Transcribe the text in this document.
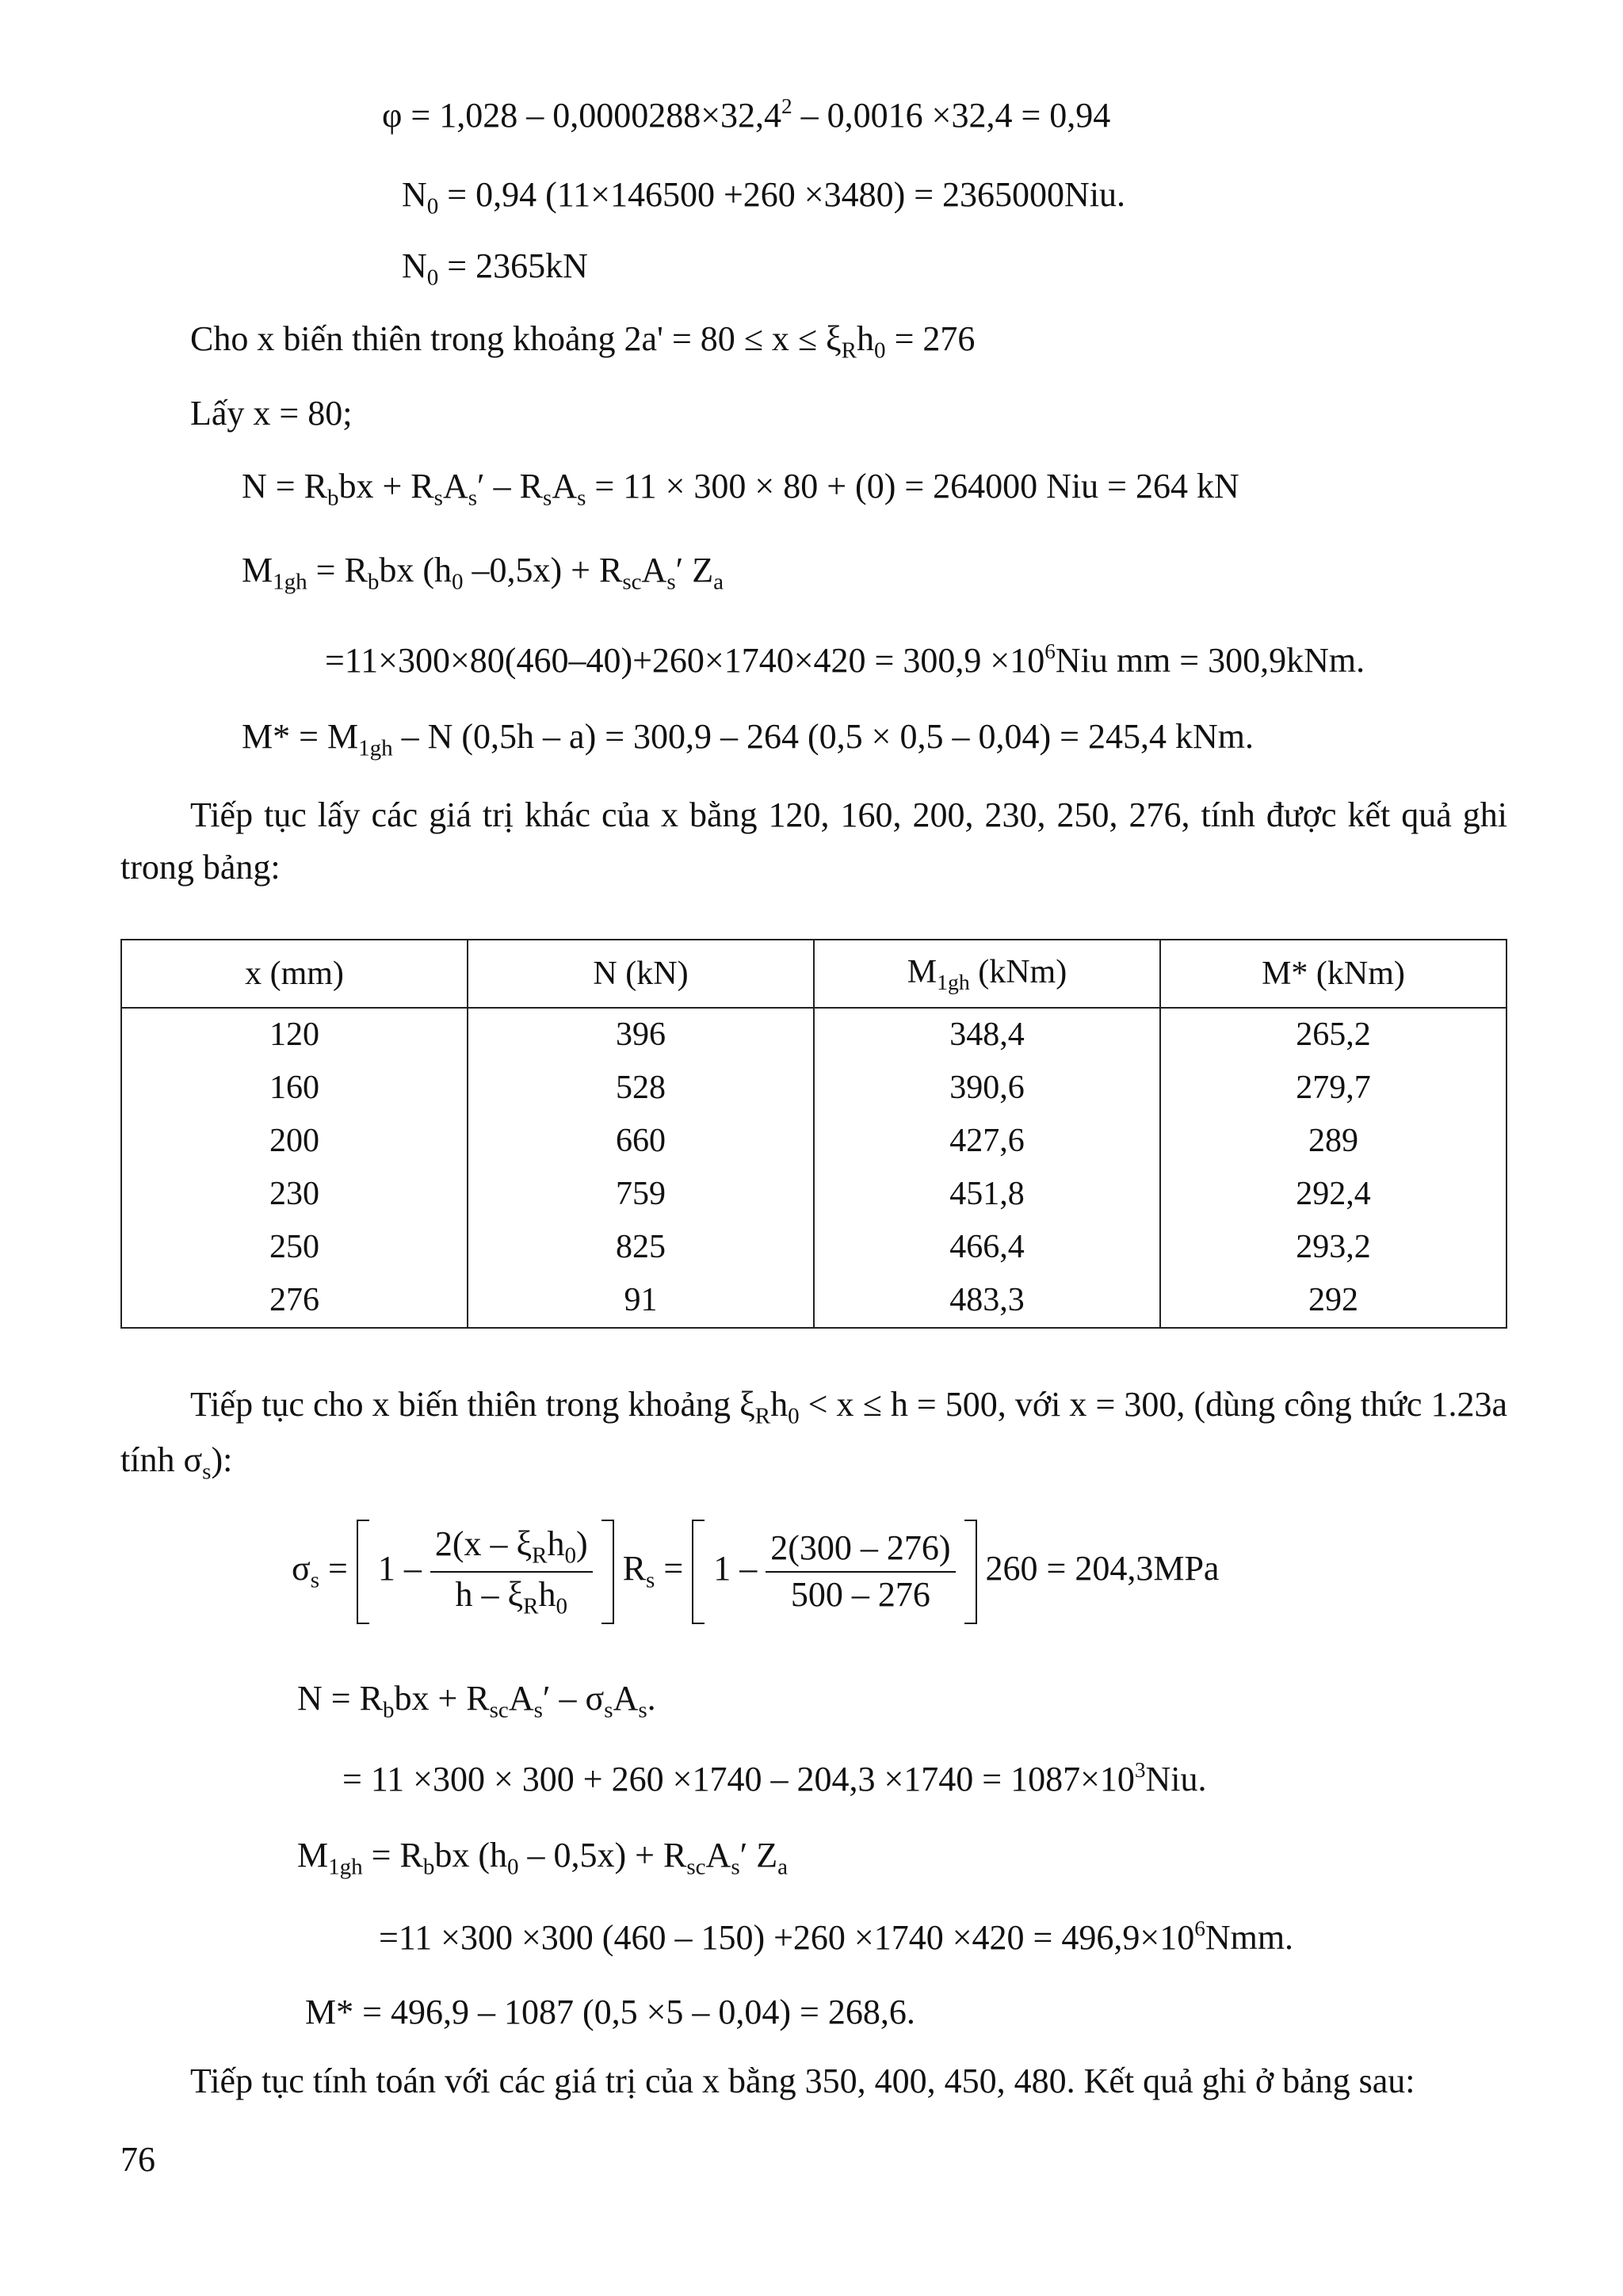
$\varphi = 1,028 - 0,0000288\times 32,4^2 - 0,0016 \times 32,4 = 0,94$
$N_0 = 0,94$ (11×146500 +260 ×3480) = 2365000Niu.
$N_0 = 2365kN$
Cho x biến thiên trong khoảng $2a' = 80 \le x \le \xi_Rh_0 = 276$
Lấy x = 80;
$N = R_bbx + R_sA_s' - R_sA_s = 11 \times 300 \times 80 + (0) = 264000$ Niu = 264 kN
$M_{1gh} = R_bbx$ ($h_0$ $-0,5x) + R_{sc}A_s'$ $Z_a$
$=11\times 300\times 80(460-40)+260\times 1740\times 420 = 300,9 \times 10^6Niu$ mm = 300,9kNm.
$M* = M_{1gh} - N$ (0,5h – a) = 300,9 – 264 (0,5 × 0,5 – 0,04) = 245,4 kNm.
Tiếp tục lấy các giá trị khác của x bằng 120, 160, 200, 230, 250, 276, tính được kết quả ghi trong bảng:
x (mm)	N (kN)	$M_{1gh}$ (kNm)	M* (kNm)
120	396	348,4	265,2
160	528	390,6	279,7
200	660	427,6	289
230	759	451,8	292,4
250	825	466,4	293,2
276	91	483,3	292
Tiếp tục cho x biến thiên trong khoảng $\xi_Rh_0 < x \le h = 500$, với x = 300, (dùng công thức 1.23a tính $\sigma_s$):
$\sigma_s = 1 - \frac{2(x - \xi_Rh_0)}{h - \xi_Rh_0} R_s = 1 - \frac{2(300 - 276)}{500 - 276} 260 = 204,3MPa$
$N = R_bbx + R_{sc}A_s' - \sigma_sA_s$.
= $11 \times 300 \times 300 + 260 \times 1740 - 204,3 \times 1740 = 1087\times 10^3Niu$.
$M_{1gh} = R_bbx$ $(h_0 - 0,5x) + R_{sc}A_s'$ $Z_a$
=11 ×300 ×300 $(460 - 150) +260 \times 1740 \times 420 = 496,9\times 10^6Nmm$.
M* = 496,9 – 1087 (0,5 ×5 – 0,04) = 268,6.
Tiếp tục tính toán với các giá trị của x bằng 350, 400, 450, 480. Kết quả ghi ở bảng sau:
76
